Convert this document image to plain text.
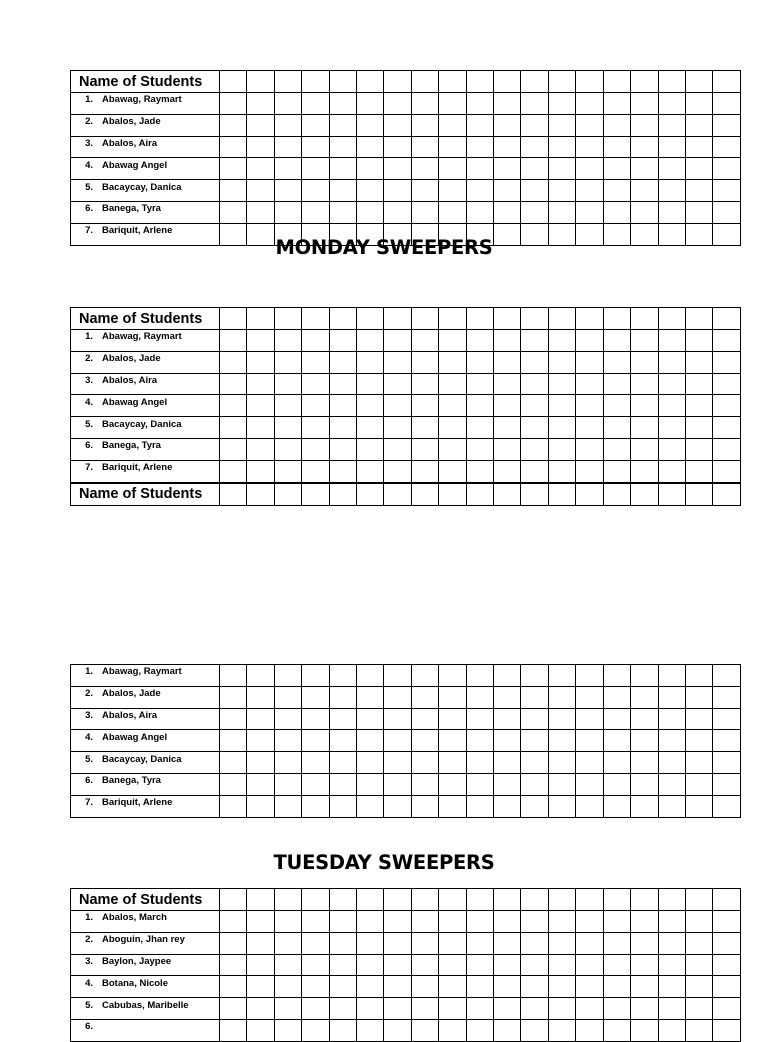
Name of Students																			

1. Abawag, Raymart																			

2. Abalos, Jade																			

3. Abalos, Aira																			

4. Abawag Angel																			

5. Bacaycay, Danica																			

6. Banega, Tyra																			

7. Bariquit, Arlene																			

MONDAY SWEEPERS
Name of Students																			

1. Abawag, Raymart																			

2. Abalos, Jade																			

3. Abalos, Aira																			

4. Abawag Angel																			

5. Bacaycay, Danica																			

6. Banega, Tyra																			

7. Bariquit, Arlene																			

Name of Students																			

1. Abawag, Raymart																			

2. Abalos, Jade																			

3. Abalos, Aira																			

4. Abawag Angel																			

5. Bacaycay, Danica																			

6. Banega, Tyra																			

7. Bariquit, Arlene																			

TUESDAY SWEEPERS
Name of Students																			

1. Abalos, March																			

2. Aboguin, Jhan rey																			

3. Baylon, Jaypee																			

4. Botana, Nicole																			

5. Cabubas, Maribelle																			

6.																			
